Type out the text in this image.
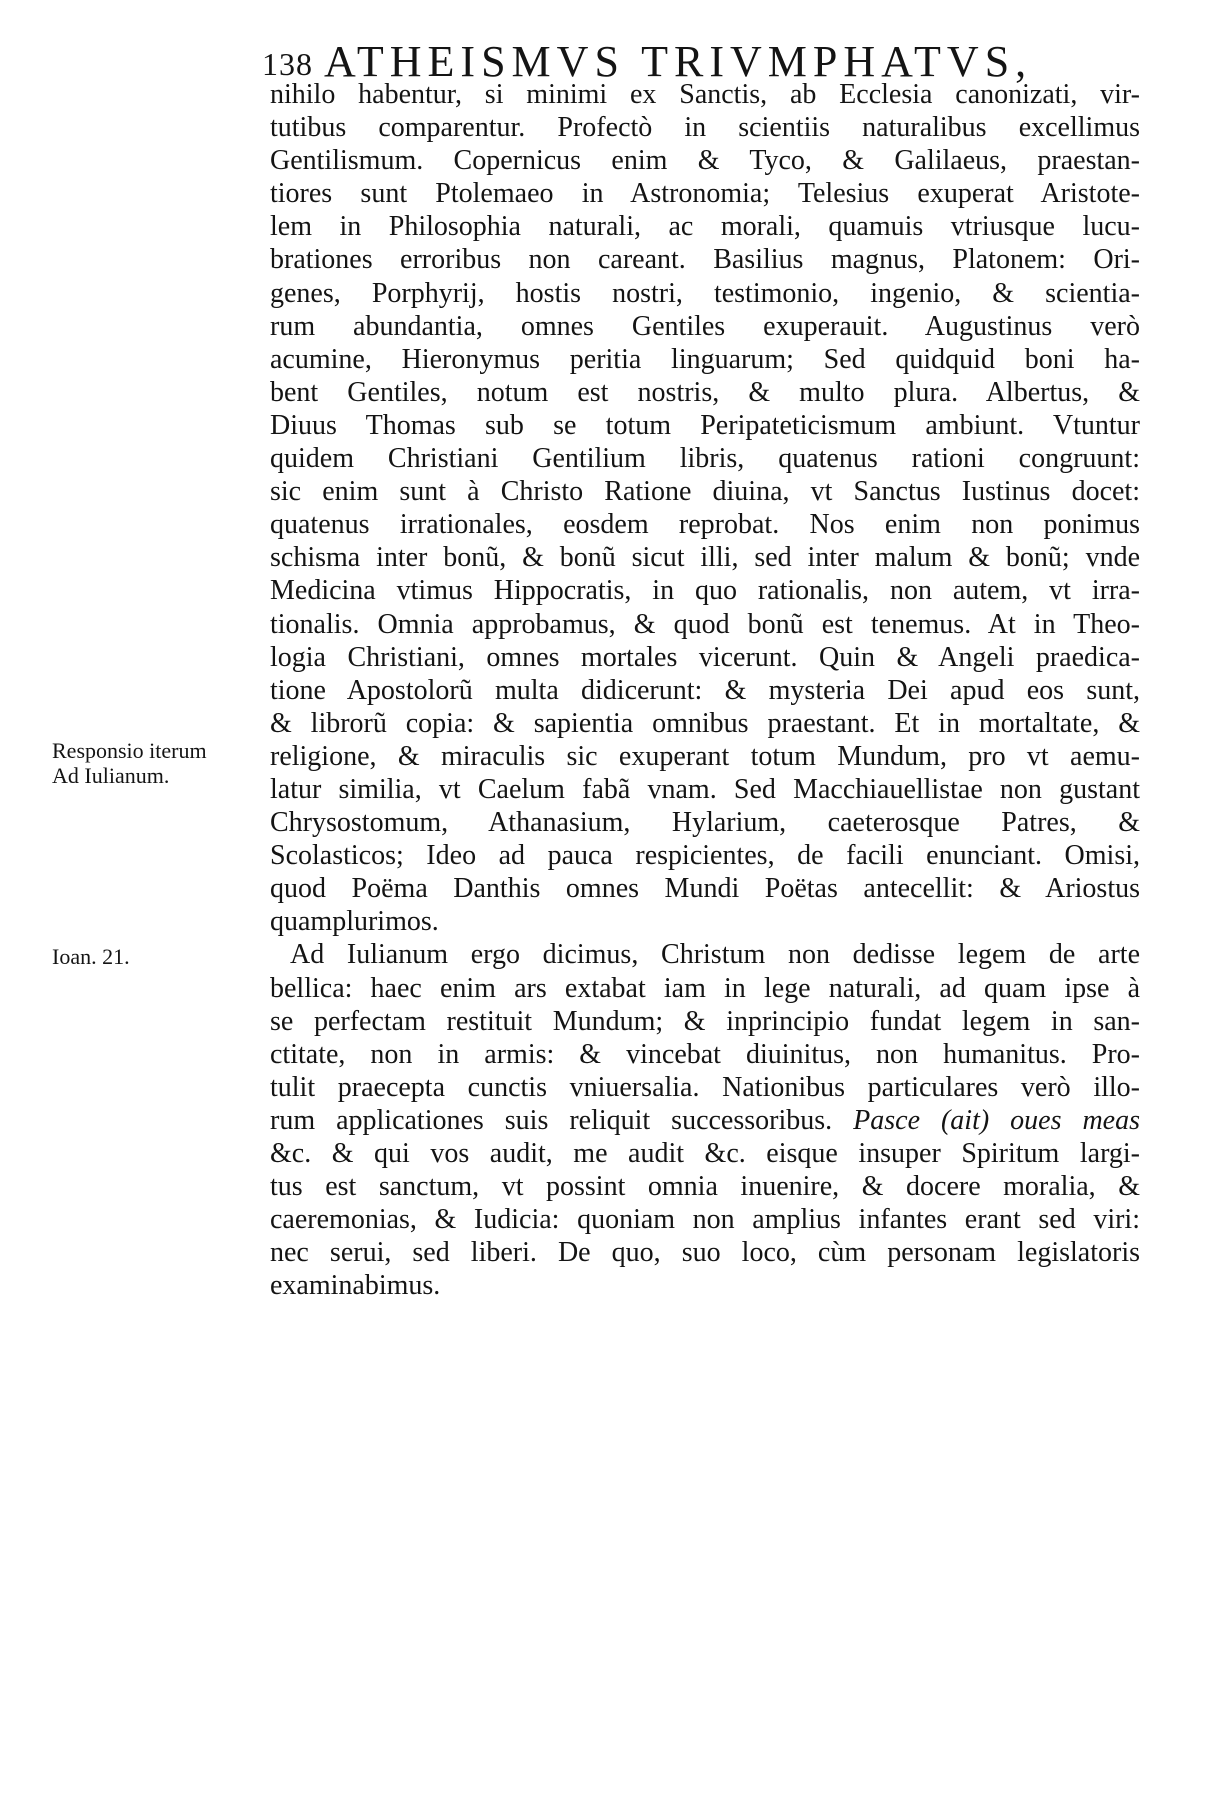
138 ATHEISMVS TRIVMPHATVS,
Responsio iterum
Ad Iulianum.
Ioan. 21.
nihilo habentur, si minimi ex Sanctis, ab Ecclesia canonizati, vir-
tutibus comparentur. Profectò in scientiis naturalibus excellimus
Gentilismum. Copernicus enim & Tyco, & Galilaeus, praestan-
tiores sunt Ptolemaeo in Astronomia; Telesius exuperat Aristote-
lem in Philosophia naturali, ac morali, quamuis vtriusque lucu-
brationes erroribus non careant. Basilius magnus, Platonem: Ori-
genes, Porphyrij, hostis nostri, testimonio, ingenio, & scientia-
rum abundantia, omnes Gentiles exuperauit. Augustinus verò
acumine, Hieronymus peritia linguarum; Sed quidquid boni ha-
bent Gentiles, notum est nostris, & multo plura. Albertus, &
Diuus Thomas sub se totum Peripateticismum ambiunt. Vtuntur
quidem Christiani Gentilium libris, quatenus rationi congruunt:
sic enim sunt à Christo Ratione diuina, vt Sanctus Iustinus docet:
quatenus irrationales, eosdem reprobat. Nos enim non ponimus
schisma inter bonũ, & bonũ sicut illi, sed inter malum & bonũ; vnde
Medicina vtimus Hippocratis, in quo rationalis, non autem, vt irra-
tionalis. Omnia approbamus, & quod bonũ est tenemus. At in Theo-
logia Christiani, omnes mortales vicerunt. Quin & Angeli praedica-
tione Apostolorũ multa didicerunt: & mysteria Dei apud eos sunt,
& librorũ copia: & sapientia omnibus praestant. Et in mortaltate, &
religione, & miraculis sic exuperant totum Mundum, pro vt aemu-
latur similia, vt Caelum fabã vnam. Sed Macchiauellistae non gustant
Chrysostomum, Athanasium, Hylarium, caeterosque Patres, &
Scolasticos; Ideo ad pauca respicientes, de facili enunciant. Omisi,
quod Poëma Danthis omnes Mundi Poëtas antecellit: & Ariostus
quamplurimos.
Ad Iulianum ergo dicimus, Christum non dedisse legem de arte
bellica: haec enim ars extabat iam in lege naturali, ad quam ipse à
se perfectam restituit Mundum; & inprincipio fundat legem in san-
ctitate, non in armis: & vincebat diuinitus, non humanitus. Pro-
tulit praecepta cunctis vniuersalia. Nationibus particulares verò illo-
rum applicationes suis reliquit successoribus. Pasce (ait) oues meas
&c. & qui vos audit, me audit &c. eisque insuper Spiritum largi-
tus est sanctum, vt possint omnia inuenire, & docere moralia, &
caeremonias, & Iudicia: quoniam non amplius infantes erant sed viri:
nec serui, sed liberi. De quo, suo loco, cùm personam legislatoris
examinabimus.
